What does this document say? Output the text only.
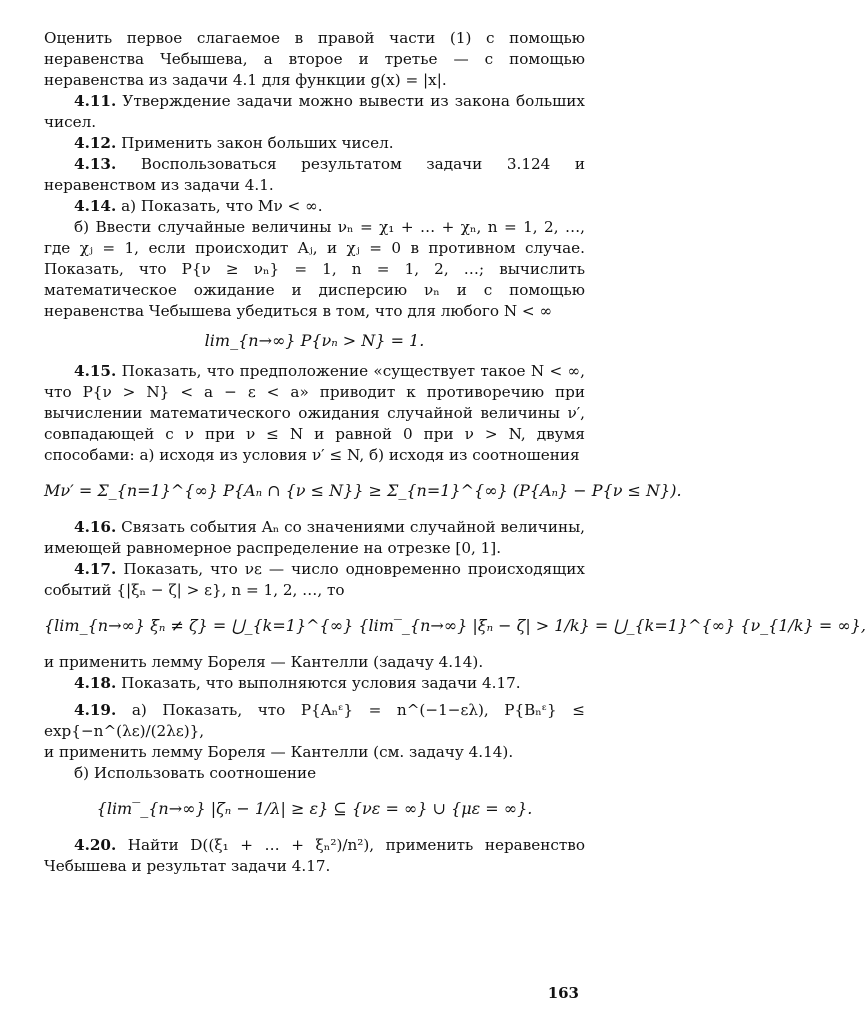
Оценить первое слагаемое в правой части (1) с помощью неравенства Чебышева, а второе и третье — с помощью неравенства из задачи 4.1 для функции g(x) = |x|.

4.11. Утверждение задачи можно вывести из закона больших чисел.

4.12. Применить закон больших чисел.

4.13. Воспользоваться результатом задачи 3.124 и неравенством из задачи 4.1.

4.14. а) Показать, что Mν < ∞.

б) Ввести случайные величины νₙ = χ₁ + … + χₙ, n = 1, 2, …, где χⱼ = 1, если происходит Aⱼ, и χⱼ = 0 в противном случае. Показать, что P{ν ≥ νₙ} = 1, n = 1, 2, …; вычислить математическое ожидание и дисперсию νₙ и с помощью неравенства Чебышева убедиться в том, что для любого N < ∞

lim_{n→∞} P{νₙ > N} = 1.

4.15. Показать, что предположение «существует такое N < ∞, что P{ν > N} < a − ε < a» приводит к противоречию при вычислении математического ожидания случайной величины ν′, совпадающей с ν при ν ≤ N и равной 0 при ν > N, двумя способами: а) исходя из условия ν′ ≤ N, б) исходя из соотношения

Mν′ = Σ_{n=1}^{∞} P{Aₙ ∩ {ν ≤ N}} ≥ Σ_{n=1}^{∞} (P{Aₙ} − P{ν ≤ N}).

4.16. Связать события Aₙ со значениями случайной величины, имеющей равномерное распределение на отрезке [0, 1].

4.17. Показать, что νε — число одновременно происходящих событий {|ξₙ − ζ| > ε}, n = 1, 2, …, то

{lim_{n→∞} ξₙ ≠ ζ} = ⋃_{k=1}^{∞} {lim‾_{n→∞} |ξₙ − ζ| > 1/k} = ⋃_{k=1}^{∞} {ν_{1/k} = ∞},

и применить лемму Бореля — Кантелли (задачу 4.14).

4.18. Показать, что выполняются условия задачи 4.17.

4.19. а) Показать, что P{Aₙᵋ} = n^(−1−ελ), P{Bₙᵋ} ≤ exp{−n^(λε)/(2λε)},

и применить лемму Бореля — Кантелли (см. задачу 4.14).

б) Использовать соотношение

{lim‾_{n→∞} |ζₙ − 1/λ| ≥ ε} ⊆ {νε = ∞} ∪ {με = ∞}.

4.20. Найти D((ξ₁ + … + ξₙ²)/n²), применить неравенство Чебышева и результат задачи 4.17.

163
